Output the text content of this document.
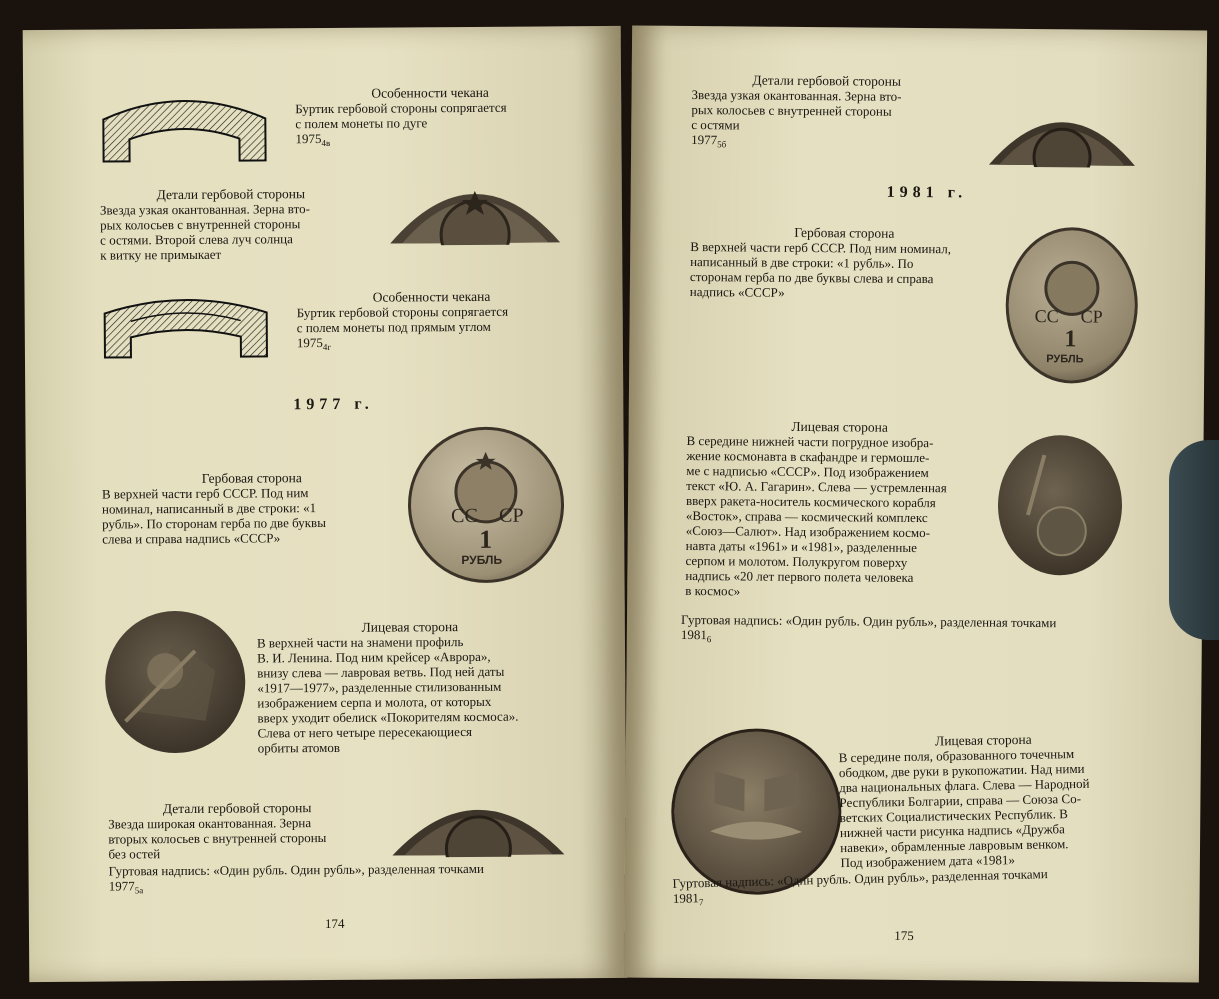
Особенности чекана
Буртик гербовой стороны сопрягается
с полем монеты по дуге
$1975_{4в}$
Детали гербовой стороны
Звезда узкая окантованная. Зерна вто-
рых колосьев с внутренней стороны
с остями. Второй слева луч солнца
к витку не примыкает
Особенности чекана
Буртик гербовой стороны сопрягается
с полем монеты под прямым углом
$1975_{4г}$
1977 г.
Гербовая сторона
В верхней части герб СССР. Под ним
номинал, написанный в две строки: «1
рубль». По сторонам герба по две буквы
слева и справа надпись «СССР»
СС СР
1
РУБЛЬ
Лицевая сторона
В верхней части на знамени профиль
В. И. Ленина. Под ним крейсер «Аврора»,
внизу слева — лавровая ветвь. Под ней даты
«1917—1977», разделенные стилизованным
изображением серпа и молота, от которых
вверх уходит обелиск «Покорителям космоса».
Слева от него четыре пересекающиеся
орбиты атомов
Детали гербовой стороны
Звезда широкая окантованная. Зерна
вторых колосьев с внутренней стороны
без остей
Гуртовая надпись: «Один рубль. Один рубль», разделенная точками
$1977_{5а}$
174
Детали гербовой стороны
Звезда узкая окантованная. Зерна вто-
рых колосьев с внутренней стороны
с остями
$1977_{5б}$
1981 г.
Гербовая сторона
В верхней части герб СССР. Под ним номинал,
написанный в две строки: «1 рубль». По
сторонам герба по две буквы слева и справа
надпись «СССР»
СС СР
1
РУБЛЬ
Лицевая сторона
В середине нижней части погрудное изобра-
жение космонавта в скафандре и гермошле-
ме с надписью «СССР». Под изображением
текст «Ю. А. Гагарин». Слева — устремленная
вверх ракета-носитель космического корабля
«Восток», справа — космический комплекс
«Союз—Салют». Над изображением космо-
навта даты «1961» и «1981», разделенные
серпом и молотом. Полукругом поверху
надпись «20 лет первого полета человека
в космос»
Гуртовая надпись: «Один рубль. Один рубль», разделенная точками
$1981_6$
Лицевая сторона
В середине поля, образованного точечным
ободком, две руки в рукопожатии. Над ними
два национальных флага. Слева — Народной
Республики Болгарии, справа — Союза Со-
ветских Социалистических Республик. В
нижней части рисунка надпись «Дружба
навеки», обрамленные лавровым венком.
Под изображением дата «1981»
Гуртовая надпись: «Один рубль. Один рубль», разделенная точками
$1981_7$
175
